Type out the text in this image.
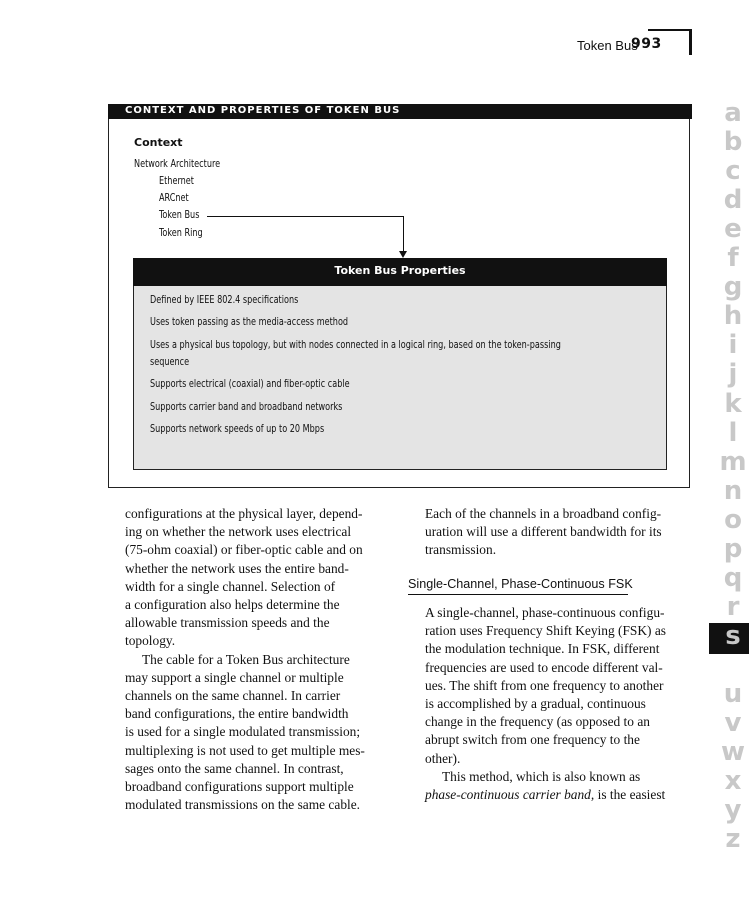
Token Bus
993
CONTEXT AND PROPERTIES OF TOKEN BUS
Context
Network Architecture
Ethernet
ARCnet
Token Bus
Token Ring
Token Bus Properties
Defined by IEEE 802.4 specifications
Uses token passing as the media-access method
Uses a physical bus topology, but with nodes connected in a logical ring, based on the token-passing
sequence
Supports electrical (coaxial) and fiber-optic cable
Supports carrier band and broadband networks
Supports network speeds of up to 20 Mbps

configurations at the physical layer, depend-

ing on whether the network uses electrical

(75-ohm coaxial) or fiber-optic cable and on

whether the network uses the entire band-

width for a single channel. Selection of

a configuration also helps determine the

allowable transmission speeds and the

topology.

The cable for a Token Bus architecture

may support a single channel or multiple

channels on the same channel. In carrier

band configurations, the entire bandwidth

is used for a single modulated transmission;

multiplexing is not used to get multiple mes-

sages onto the same channel. In contrast,

broadband configurations support multiple

modulated transmissions on the same cable.

Each of the channels in a broadband config-

uration will use a different bandwidth for its

transmission.

Single-Channel, Phase-Continuous FSK

A single-channel, phase-continuous configu-

ration uses Frequency Shift Keying (FSK) as

the modulation technique. In FSK, different

frequencies are used to encode different val-

ues. The shift from one frequency to another

is accomplished by a gradual, continuous

change in the frequency (as opposed to an

abrupt switch from one frequency to the

other).

This method, which is also known as

phase-continuous carrier band, is the easiest

a
b
c
d
e
f
g
h
i
j
k
l
m
n
o
p
q
r
s
t
u
v
w
x
y
z
